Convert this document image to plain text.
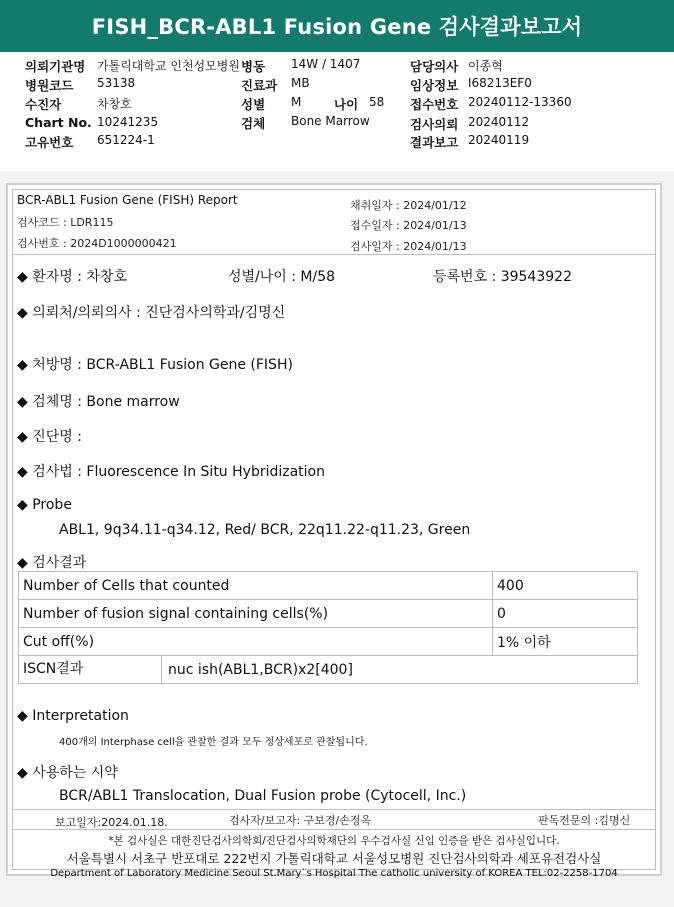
FISH_BCR-ABL1 Fusion Gene 검사결과보고서
의뢰기관명 가톨릭대학교 인천성모병원 병동 14W / 1407	담당의사 이종혁
병원코드 53138	진료과 MB	임상정보 I68213EF0
수진자	차창호	성별 M	나이 58 접수번호 20240112-13360
Chart No. 10241235	검체 Bone Marrow	검사의뢰 20240112
고유번호 651224-1	결과보고 20240119
BCR-ABL1 Fusion Gene (FISH) Report
검사코드 : LDR115
검사번호 : 2024D1000000421
채취일자 : 2024/01/12
접수일자 : 2024/01/13
검사일자 : 2024/01/13
◆ 환자명 : 차창호	성별/나이 : M/58	등록번호 : 39543922
◆ 의뢰처/의뢰의사 : 진단검사의학과/김명신
◆ 처방명 : BCR-ABL1 Fusion Gene (FISH)
◆ 검체명 : Bone marrow
◆ 진단명 :
◆ 검사법 : Fluorescence In Situ Hybridization
◆ Probe
ABL1, 9q34.11-q34.12, Red/ BCR, 22q11.22-q11.23, Green
◆ 검사결과
Number of Cells that counted	400
Number of fusion signal containing cells(%)	0
Cut off(%)	1% 이하

ISCN결과 nuc ish(ABL1,BCR)x2[400]	
◆ Interpretation
400개의 Interphase cell을 관찰한 결과 모두 정상세포로 관찰됩니다.
◆ 사용하는 시약
BCR/ABL1 Translocation, Dual Fusion probe (Cytocell, Inc.)
보고일자:2024.01.18.	검사자/보고자: 구보경/손정옥	판독전문의 :김명신
*본 검사실은 대한진단검사의학회/진단검사의학재단의 우수검사실 신임 인증을 받은 검사실입니다.
서울특별시 서초구 반포대로 222번지 가톨릭대학교 서울성모병원 진단검사의학과 세포유전검사실
Department of Laboratory Medicine Seoul St.Mary`s Hospital The catholic university of KOREA TEL:02-2258-1704
